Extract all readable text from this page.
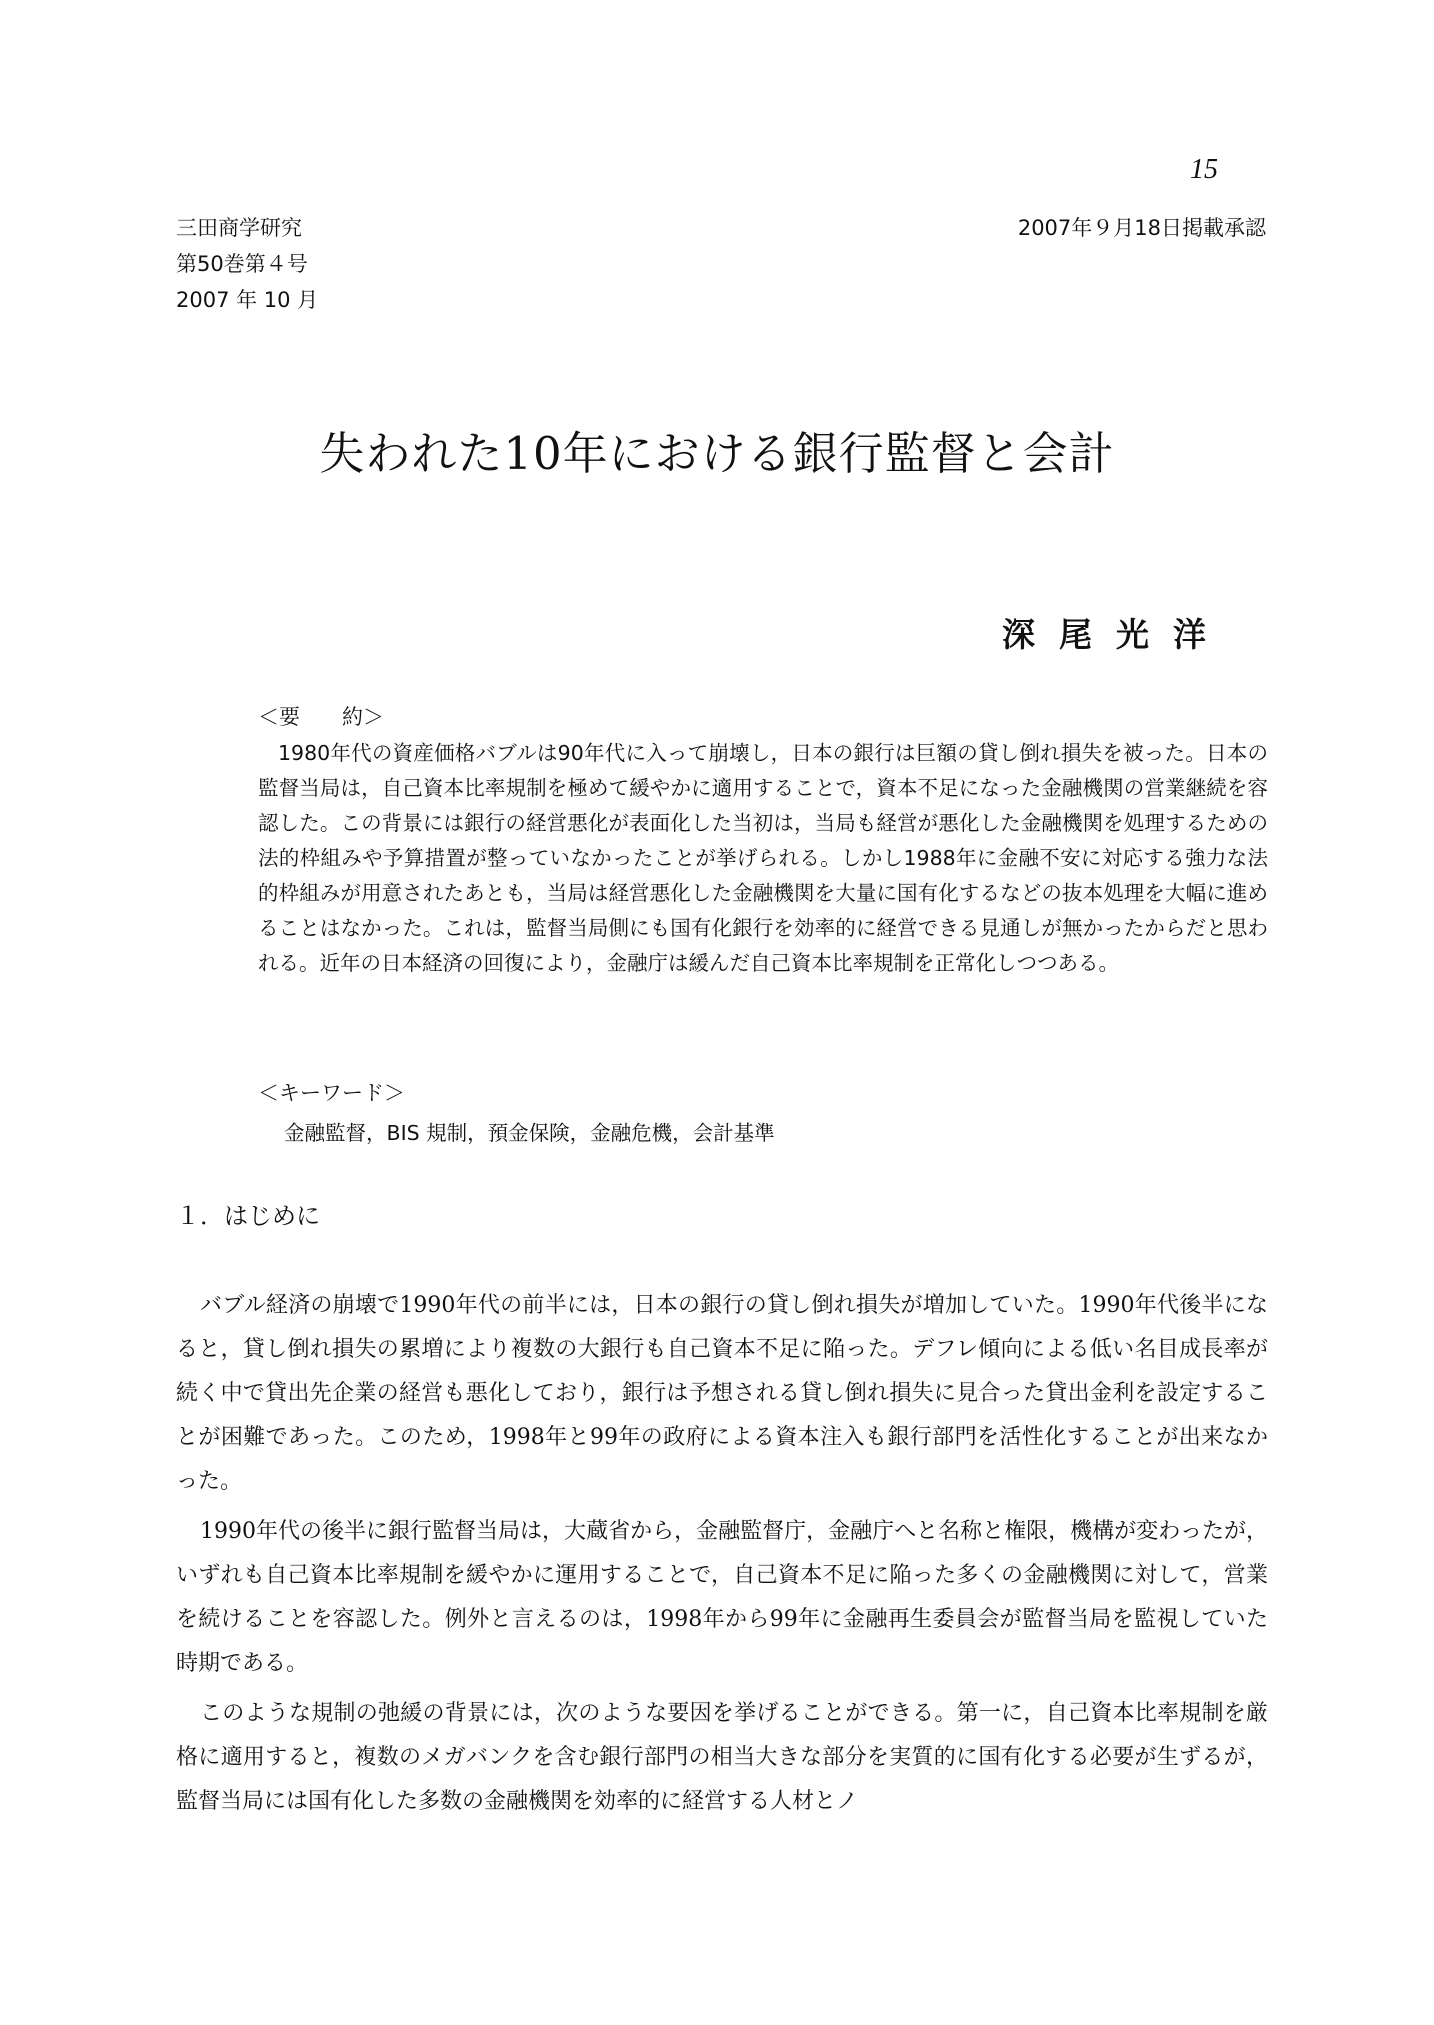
15
三田商学研究
第50巻第４号
2007 年 10 月
2007年９月18日掲載承認
失われた10年における銀行監督と会計
深尾光洋
＜要　　約＞
1980年代の資産価格バブルは90年代に入って崩壊し，日本の銀行は巨額の貸し倒れ損失を被った。日本の監督当局は，自己資本比率規制を極めて緩やかに適用することで，資本不足になった金融機関の営業継続を容認した。この背景には銀行の経営悪化が表面化した当初は，当局も経営が悪化した金融機関を処理するための法的枠組みや予算措置が整っていなかったことが挙げられる。しかし1988年に金融不安に対応する強力な法的枠組みが用意されたあとも，当局は経営悪化した金融機関を大量に国有化するなどの抜本処理を大幅に進めることはなかった。これは，監督当局側にも国有化銀行を効率的に経営できる見通しが無かったからだと思われる。近年の日本経済の回復により，金融庁は緩んだ自己資本比率規制を正常化しつつある。
＜キーワード＞
金融監督，BIS 規制，預金保険，金融危機，会計基準
１．はじめに

バブル経済の崩壊で1990年代の前半には，日本の銀行の貸し倒れ損失が増加していた。1990年代後半になると，貸し倒れ損失の累増により複数の大銀行も自己資本不足に陥った。デフレ傾向による低い名目成長率が続く中で貸出先企業の経営も悪化しており，銀行は予想される貸し倒れ損失に見合った貸出金利を設定することが困難であった。このため，1998年と99年の政府による資本注入も銀行部門を活性化することが出来なかった。

1990年代の後半に銀行監督当局は，大蔵省から，金融監督庁，金融庁へと名称と権限，機構が変わったが，いずれも自己資本比率規制を緩やかに運用することで，自己資本不足に陥った多くの金融機関に対して，営業を続けることを容認した。例外と言えるのは，1998年から99年に金融再生委員会が監督当局を監視していた時期である。

このような規制の弛緩の背景には，次のような要因を挙げることができる。第一に，自己資本比率規制を厳格に適用すると，複数のメガバンクを含む銀行部門の相当大きな部分を実質的に国有化する必要が生ずるが，監督当局には国有化した多数の金融機関を効率的に経営する人材とノ
